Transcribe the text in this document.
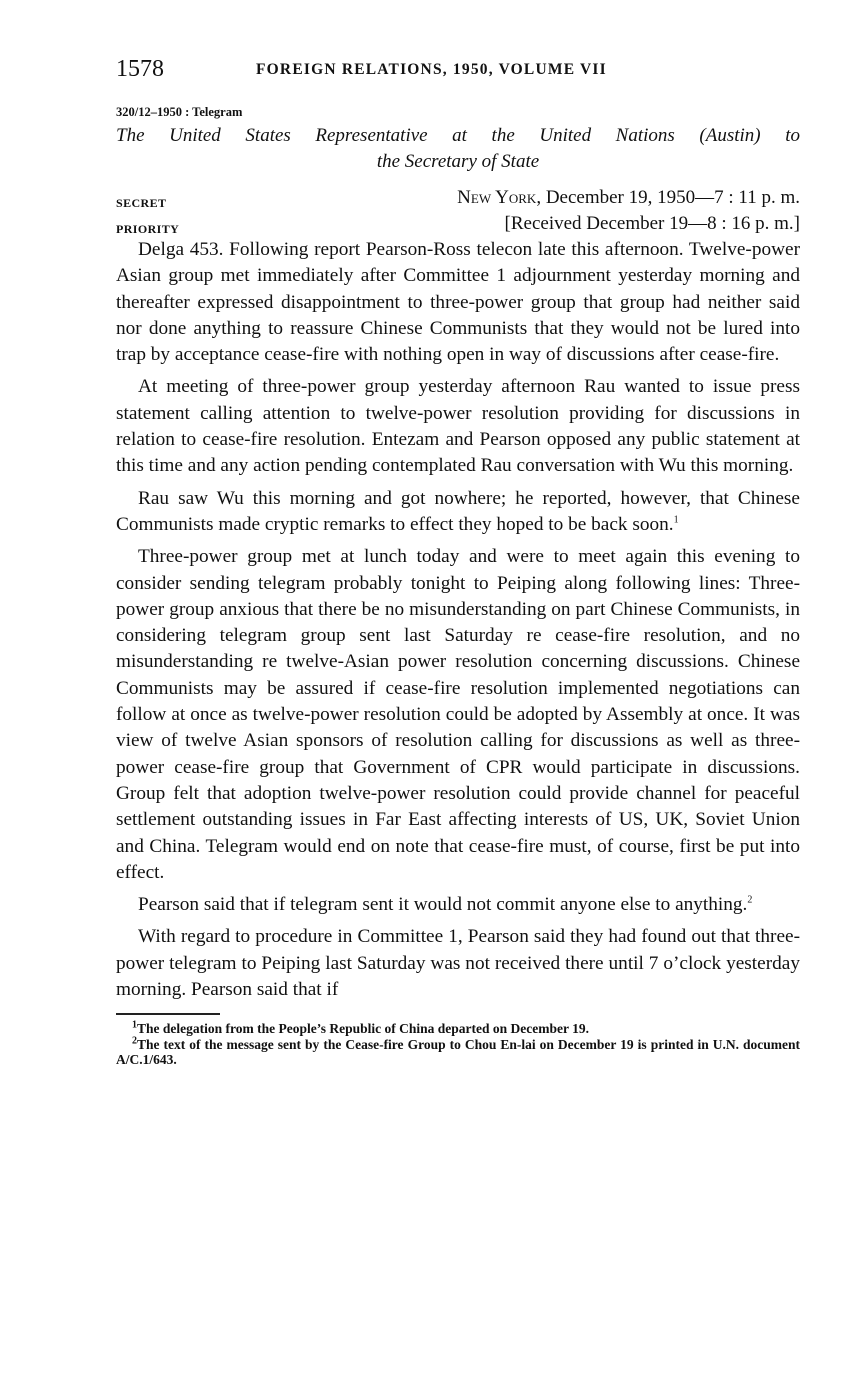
1578	FOREIGN RELATIONS, 1950, VOLUME VII
320/12–1950 : Telegram
The United States Representative at the United Nations (Austin) to
the Secretary of State
SECRET
PRIORITY
New York, December 19, 1950—7 : 11 p. m.
[Received December 19—8 : 16 p. m.]

Delga 453. Following report Pearson-Ross telecon late this afternoon. Twelve-power Asian group met immediately after Committee 1 adjournment yesterday morning and thereafter expressed disappointment to three-power group that group had neither said nor done anything to reassure Chinese Communists that they would not be lured into trap by acceptance cease-fire with nothing open in way of discussions after cease-fire.

At meeting of three-power group yesterday afternoon Rau wanted to issue press statement calling attention to twelve-power resolution providing for discussions in relation to cease-fire resolution. Entezam and Pearson opposed any public statement at this time and any action pending contemplated Rau conversation with Wu this morning.

Rau saw Wu this morning and got nowhere; he reported, however, that Chinese Communists made cryptic remarks to effect they hoped to be back soon.$^1$

Three-power group met at lunch today and were to meet again this evening to consider sending telegram probably tonight to Peiping along following lines: Three-power group anxious that there be no misunderstanding on part Chinese Communists, in considering telegram group sent last Saturday re cease-fire resolution, and no misunderstanding re twelve-Asian power resolution concerning discussions. Chinese Communists may be assured if cease-fire resolution implemented negotiations can follow at once as twelve-power resolution could be adopted by Assembly at once. It was view of twelve Asian sponsors of resolution calling for discussions as well as three-power cease-fire group that Government of CPR would participate in discussions. Group felt that adoption twelve-power resolution could provide channel for peaceful settlement outstanding issues in Far East affecting interests of US, UK, Soviet Union and China. Telegram would end on note that cease-fire must, of course, first be put into effect.

Pearson said that if telegram sent it would not commit anyone else to anything.$^2$

With regard to procedure in Committee 1, Pearson said they had found out that three-power telegram to Peiping last Saturday was not received there until 7 o’clock yesterday morning. Pearson said that if

$^1$The delegation from the People’s Republic of China departed on December 19.

$^2$The text of the message sent by the Cease-fire Group to Chou En-lai on December 19 is printed in U.N. document A/C.1/643.
